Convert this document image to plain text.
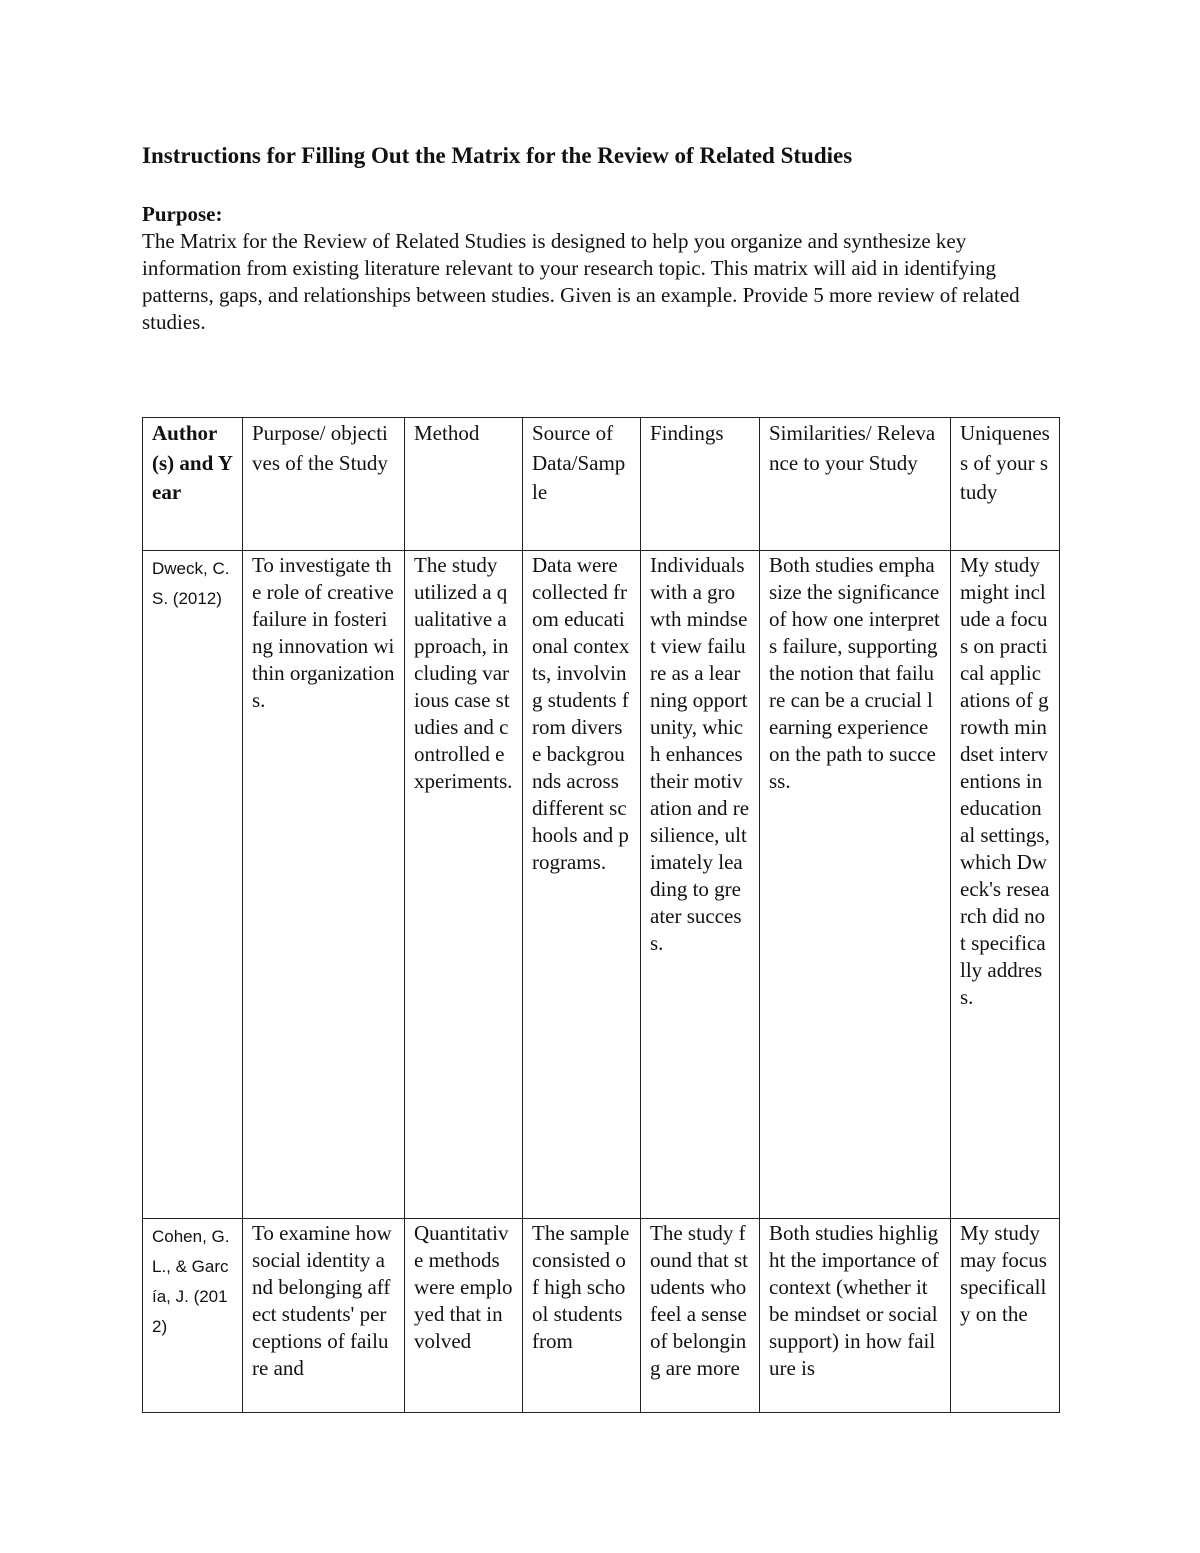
Instructions for Filling Out the Matrix for the Review of Related Studies
Purpose:
The Matrix for the Review of Related Studies is designed to help you organize and synthesize key information from existing literature relevant to your research topic. This matrix will aid in identifying patterns, gaps, and relationships between studies. Given is an example. Provide 5 more review of related studies.
Author (s) and Year	Purpose/ objectives of the Study	Method	Source of Data/Sample	Findings	Similarities/ Relevance to your Study	Uniqueness of your study
Dweck, C. S. (2012)	To investigate the role of creative failure in fostering innovation within organizations.	The study utilized a qualitative approach, including various case studies and controlled experiments.	Data were collected from educational contexts, involving students from diverse backgrounds across different schools and programs.	Individuals with a growth mindset view failure as a learning opportunity, which enhances their motivation and resilience, ultimately leading to greater success.	Both studies emphasize the significance of how one interprets failure, supporting the notion that failure can be a crucial learning experience on the path to success.	My study might include a focus on practical applications of growth mindset interventions in educational settings, which Dweck's research did not specifically address.
Cohen, G. L., & García, J. (2012)	To examine how social identity and belonging affect students' perceptions of failure and	Quantitative methods were employed that involved	The sample consisted of high school students from	The study found that students who feel a sense of belonging are more	Both studies highlight the importance of context (whether it be mindset or social support) in how failure is	My study may focus specifically on the
